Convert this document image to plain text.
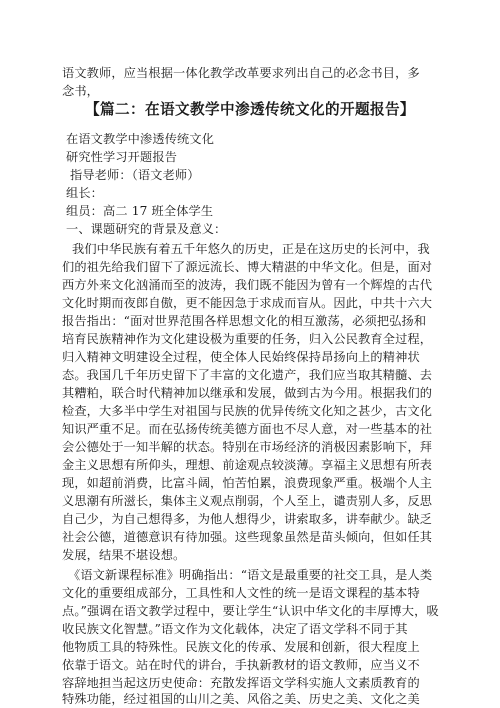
语文教师，应当根据一体化教学改革要求列出自己的必念书目，多
念书，
【篇二：在语文教学中渗透传统文化的开题报告】
在语文教学中渗透传统文化
研究性学习开题报告
指导老师：（语文老师）
组长：
组员：高二 17 班全体学生
一、课题研究的背景及意义：
我们中华民族有着五千年悠久的历史，正是在这历史的长河中，我
们的祖先给我们留下了源远流长、博大精湛的中华文化。但是，面对
西方外来文化汹涌而至的波涛，我们既不能因为曾有一个辉煌的古代
文化时期而夜郎自傲，更不能因急于求成而盲从。因此，中共十六大
报告指出：“面对世界范围各样思想文化的相互激荡，必须把弘扬和
培育民族精神作为文化建设极为重要的任务，归入公民教育全过程，
归入精神文明建设全过程，使全体人民始终保持昂扬向上的精神状
态。我国几千年历史留下了丰富的文化遗产，我们应当取其精髓、去
其糟粕，联合时代精神加以继承和发展，做到古为今用。根据我们的
检查，大多半中学生对祖国与民族的优异传统文化知之甚少，古文化
知识严重不足。而在弘扬传统美德方面也不尽人意，对一些基本的社
会公德处于一知半解的状态。特别在市场经济的消极因素影响下，拜
金主义思想有所仰头，理想、前途观点较淡薄。享福主义思想有所表
现，如超前消费，比富斗阔，怕苦怕累，浪费现象严重。极端个人主
义思潮有所滋长，集体主义观点削弱，个人至上，谴责别人多，反思
自己少，为自己想得多，为他人想得少，讲索取多，讲奉献少。缺乏
社会公德，道德意识有待加强。这些现象虽然是苗头倾向，但如任其
发展，结果不堪设想。
《语文新课程标准》明确指出：“语文是最重要的社交工具，是人类
文化的重要组成部分，工具性和人文性的统一是语文课程的基本特
点。”强调在语文教学过程中，要让学生“认识中华文化的丰厚博大，吸
收民族文化智慧。”语文作为文化载体，决定了语文学科不同于其
他物质工具的特殊性。民族文化的传承、发展和创新，很大程度上
依靠于语文。站在时代的讲台，手执新教材的语文教师，应当义不
容辞地担当起这历史使命：充散发挥语文学科实施人文素质教育的
特殊功能，经过祖国的山川之美、风俗之美、历史之美、文化之美
